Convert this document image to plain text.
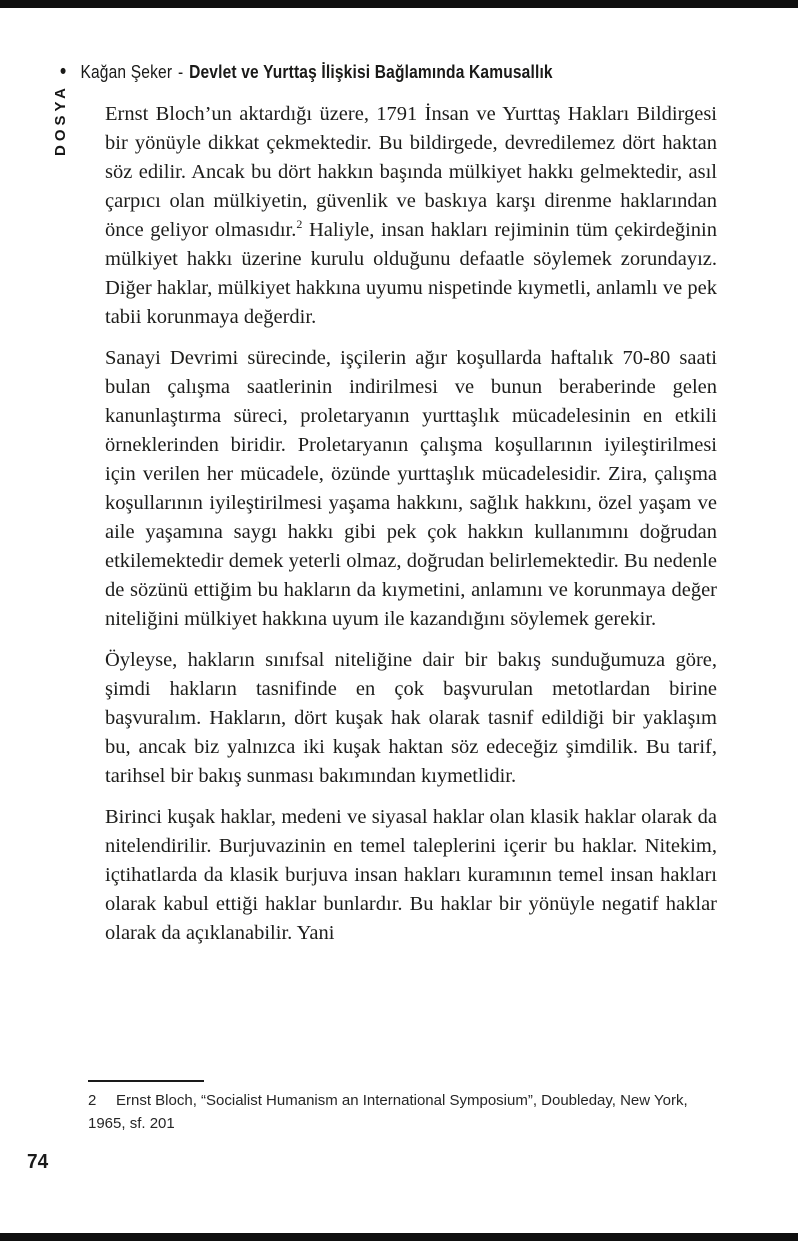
• Kağan Şeker - Devlet ve Yurttaş İlişkisi Bağlamında Kamusallık
DOSYA Ernst Bloch’un aktardığı üzere, 1791 İnsan ve Yurttaş Hakları Bildirgesi bir yönüyle dikkat çekmektedir. Bu bildirgede, devredilemez dört haktan söz edilir. Ancak bu dört hakkın başında mülkiyet hakkı gelmektedir, asıl çarpıcı olan mülkiyetin, güvenlik ve baskıya karşı direnme haklarından önce geliyor olmasıdır.$^2$ Haliyle, insan hakları rejiminin tüm çekirdeğinin mülkiyet hakkı üzerine kurulu olduğunu defaatle söylemek zorundayız. Diğer haklar, mülkiyet hakkına uyumu nispetinde kıymetli, anlamlı ve pek tabii korunmaya değerdir.

Sanayi Devrimi sürecinde, işçilerin ağır koşullarda haftalık 70-80 saati bulan çalışma saatlerinin indirilmesi ve bunun beraberinde gelen kanunlaştırma süreci, proletaryanın yurttaşlık mücadelesinin en etkili örneklerinden biridir. Proletaryanın çalışma koşullarının iyileştirilmesi için verilen her mücadele, özünde yurttaşlık mücadelesidir. Zira, çalışma koşullarının iyileştirilmesi yaşama hakkını, sağlık hakkını, özel yaşam ve aile yaşamına saygı hakkı gibi pek çok hakkın kullanımını doğrudan etkilemektedir demek yeterli olmaz, doğrudan belirlemektedir. Bu nedenle de sözünü ettiğim bu hakların da kıymetini, anlamını ve korunmaya değer niteliğini mülkiyet hakkına uyum ile kazandığını söylemek gerekir.

Öyleyse, hakların sınıfsal niteliğine dair bir bakış sunduğumuza göre, şimdi hakların tasnifinde en çok başvurulan metotlardan birine başvuralım. Hakların, dört kuşak hak olarak tasnif edildiği bir yaklaşım bu, ancak biz yalnızca iki kuşak haktan söz edeceğiz şimdilik. Bu tarif, tarihsel bir bakış sunması bakımından kıymetlidir.

Birinci kuşak haklar, medeni ve siyasal haklar olan klasik haklar olarak da nitelendirilir. Burjuvazinin en temel taleplerini içerir bu haklar. Nitekim, içtihatlarda da klasik burjuva insan hakları kuramının temel insan hakları olarak kabul ettiği haklar bunlardır. Bu haklar bir yönüyle negatif haklar olarak da açıklanabilir. Yani

2 Ernst Bloch, “Socialist Humanism an International Symposium”, Doubleday, New York,
1965, sf. 201
74
